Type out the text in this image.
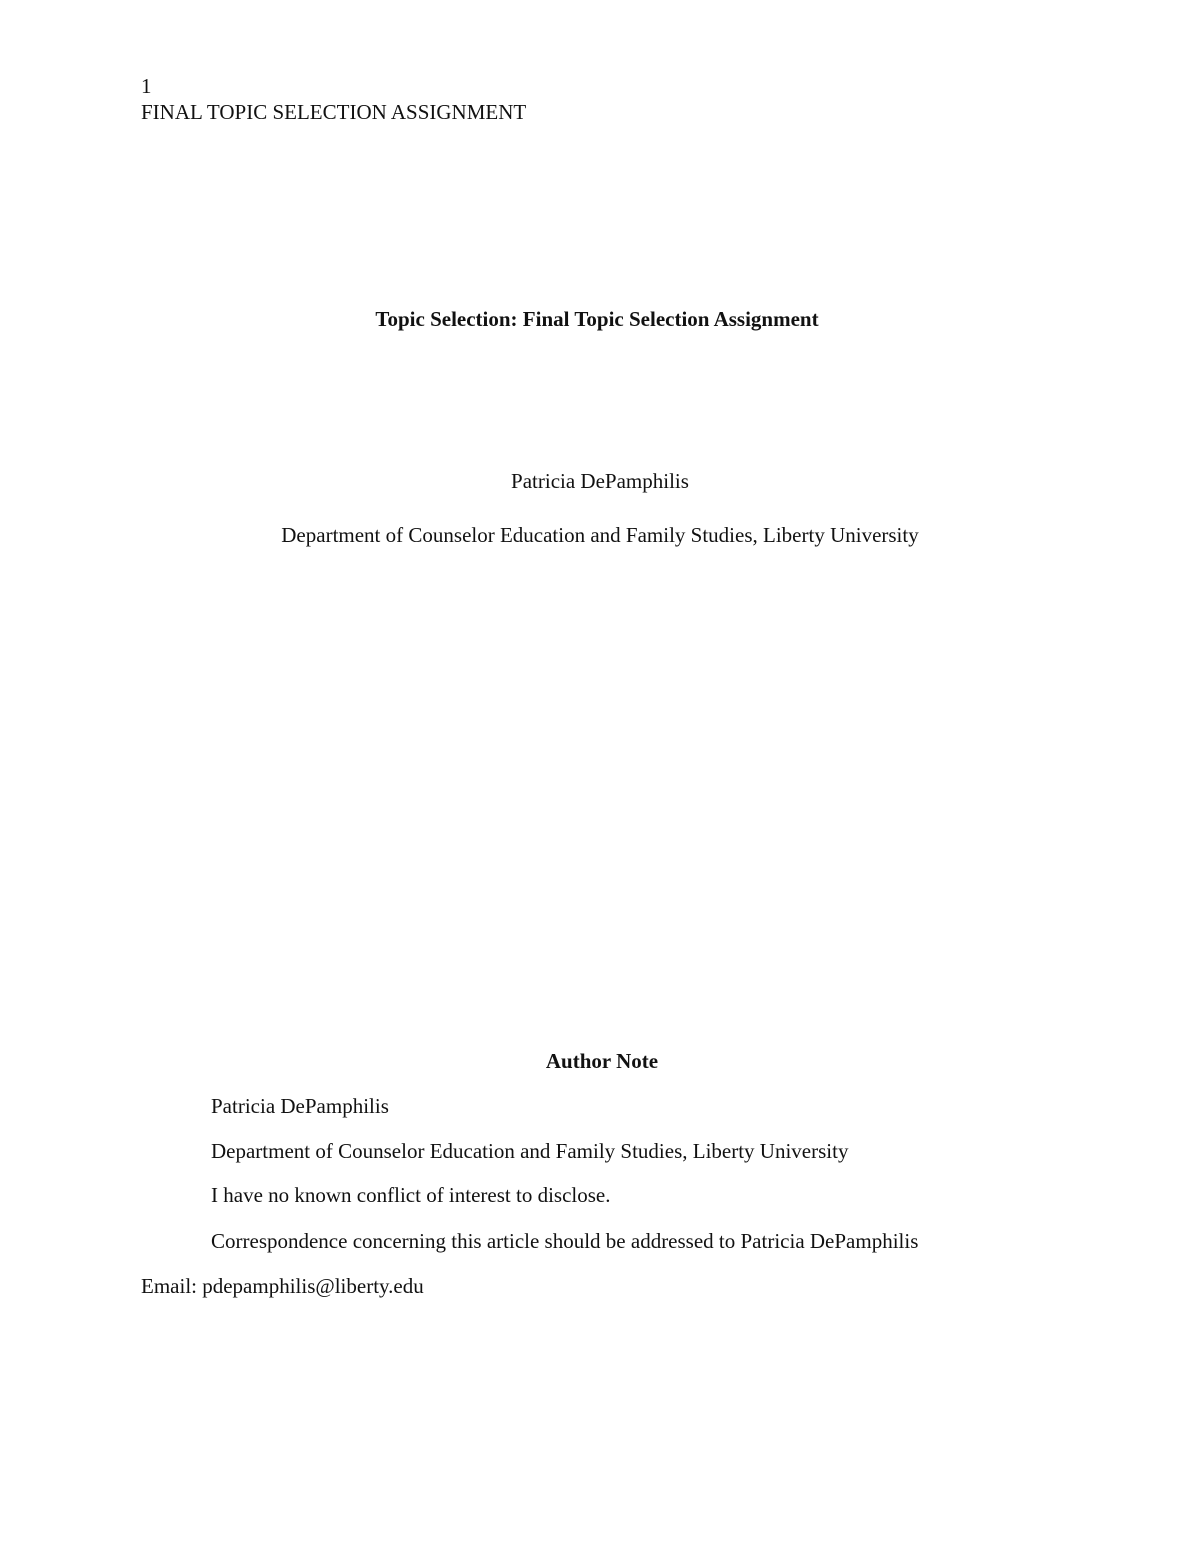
1
FINAL TOPIC SELECTION ASSIGNMENT
Topic Selection: Final Topic Selection Assignment
Patricia DePamphilis
Department of Counselor Education and Family Studies, Liberty University
Author Note
Patricia DePamphilis
Department of Counselor Education and Family Studies, Liberty University
I have no known conflict of interest to disclose.
Correspondence concerning this article should be addressed to Patricia DePamphilis
Email: pdepamphilis@liberty.edu
